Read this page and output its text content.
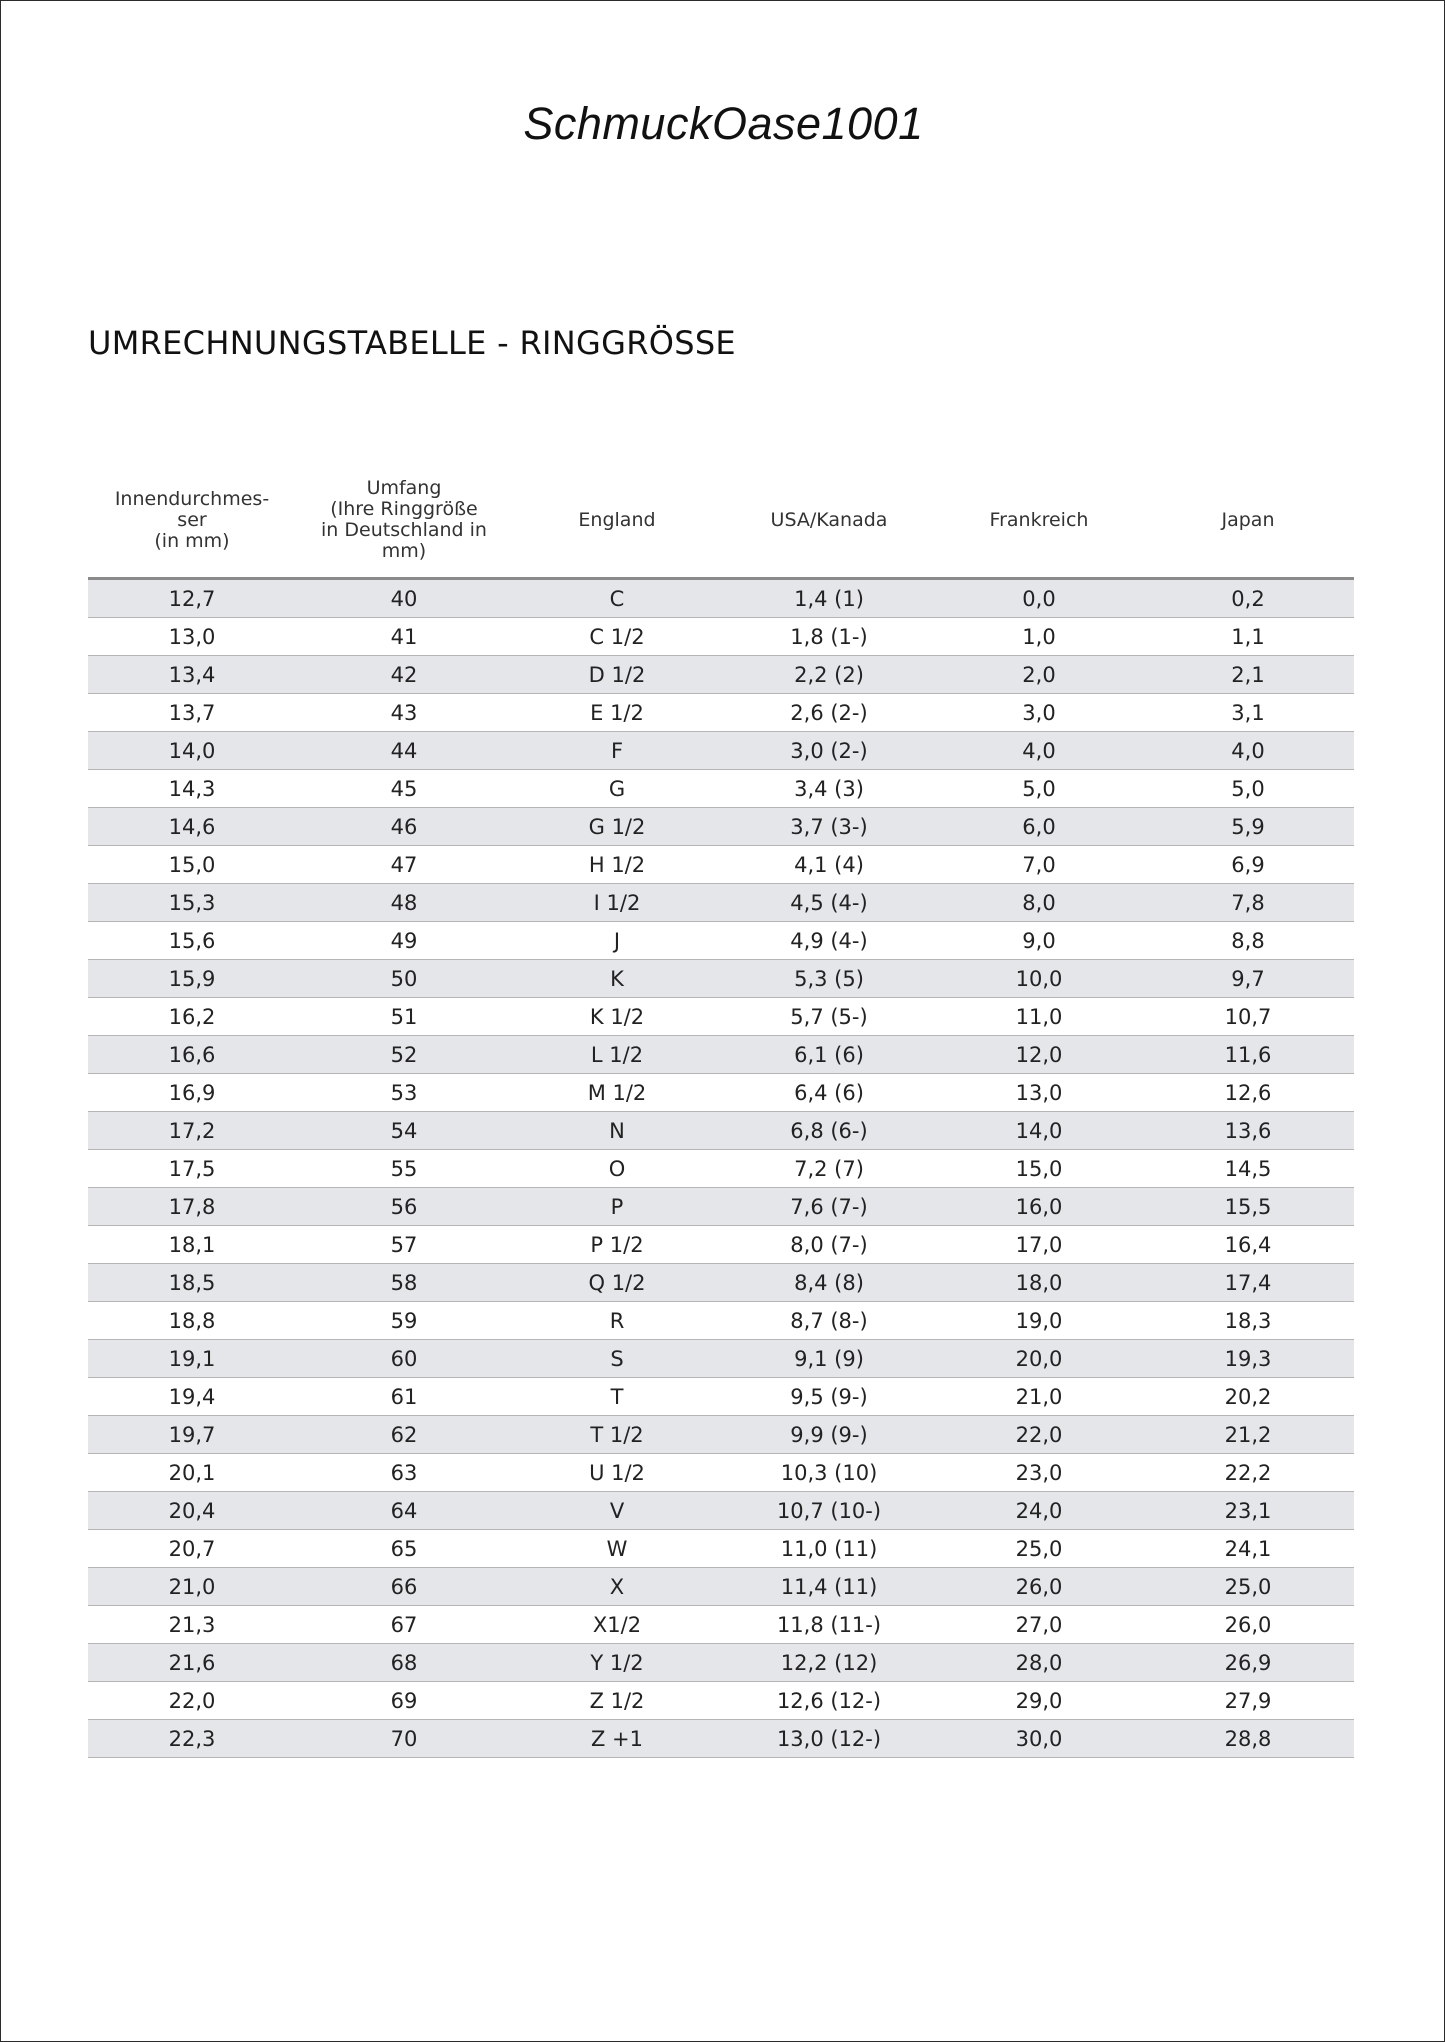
SchmuckOase1001
UMRECHNUNGSTABELLE - RINGGRÖSSE
Innendurchmes-
ser
(in mm)	Umfang
(Ihre Ringgröße
in Deutschland in
mm)	England	USA/Kanada	Frankreich	Japan
12,7	40	C	1,4 (1)	0,0	0,2
13,0	41	C 1/2	1,8 (1-)	1,0	1,1
13,4	42	D 1/2	2,2 (2)	2,0	2,1
13,7	43	E 1/2	2,6 (2-)	3,0	3,1
14,0	44	F	3,0 (2-)	4,0	4,0
14,3	45	G	3,4 (3)	5,0	5,0
14,6	46	G 1/2	3,7 (3-)	6,0	5,9
15,0	47	H 1/2	4,1 (4)	7,0	6,9
15,3	48	I 1/2	4,5 (4-)	8,0	7,8
15,6	49	J	4,9 (4-)	9,0	8,8
15,9	50	K	5,3 (5)	10,0	9,7
16,2	51	K 1/2	5,7 (5-)	11,0	10,7
16,6	52	L 1/2	6,1 (6)	12,0	11,6
16,9	53	M 1/2	6,4 (6)	13,0	12,6
17,2	54	N	6,8 (6-)	14,0	13,6
17,5	55	O	7,2 (7)	15,0	14,5
17,8	56	P	7,6 (7-)	16,0	15,5
18,1	57	P 1/2	8,0 (7-)	17,0	16,4
18,5	58	Q 1/2	8,4 (8)	18,0	17,4
18,8	59	R	8,7 (8-)	19,0	18,3
19,1	60	S	9,1 (9)	20,0	19,3
19,4	61	T	9,5 (9-)	21,0	20,2
19,7	62	T 1/2	9,9 (9-)	22,0	21,2
20,1	63	U 1/2	10,3 (10)	23,0	22,2
20,4	64	V	10,7 (10-)	24,0	23,1
20,7	65	W	11,0 (11)	25,0	24,1
21,0	66	X	11,4 (11)	26,0	25,0
21,3	67	X1/2	11,8 (11-)	27,0	26,0
21,6	68	Y 1/2	12,2 (12)	28,0	26,9
22,0	69	Z 1/2	12,6 (12-)	29,0	27,9
22,3	70	Z +1	13,0 (12-)	30,0	28,8
